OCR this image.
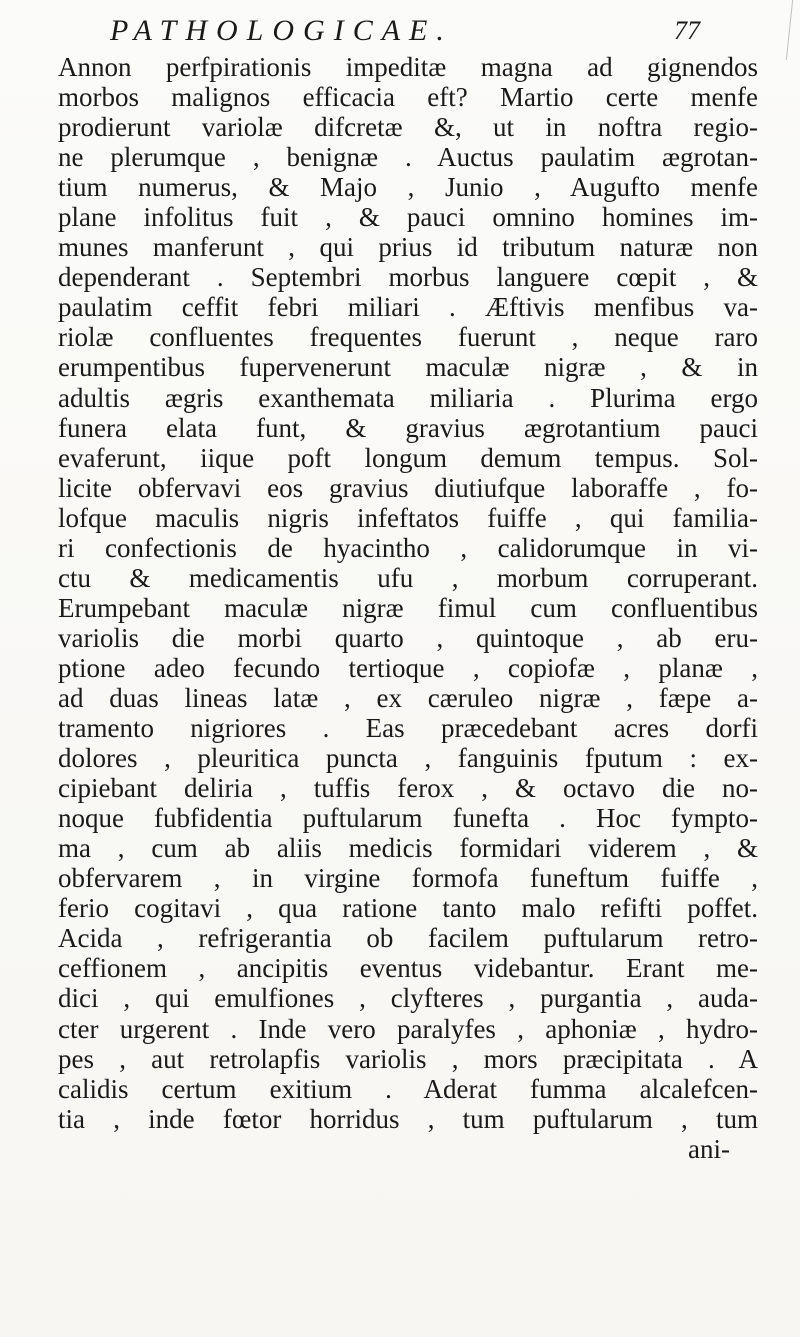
PATHOLOGICAE.	77
Annon perfpirationis impeditæ magna ad gignendos
morbos malignos efficacia eft? Martio certe menfe
prodierunt variolæ difcretæ &, ut in noftra regio-
ne plerumque , benignæ . Auctus paulatim ægrotan-
tium numerus, & Majo , Junio , Augufto menfe
plane infolitus fuit , & pauci omnino homines im-
munes manferunt , qui prius id tributum naturæ non
dependerant . Septembri morbus languere cœpit , &
paulatim ceffit febri miliari . Æftivis menfibus va-
riolæ confluentes frequentes fuerunt , neque raro
erumpentibus fupervenerunt maculæ nigræ , & in
adultis ægris exanthemata miliaria . Plurima ergo
funera elata funt, & gravius ægrotantium pauci
evaferunt, iique poft longum demum tempus. Sol-
licite obfervavi eos gravius diutiufque laboraffe , fo-
lofque maculis nigris infeftatos fuiffe , qui familia-
ri confectionis de hyacintho , calidorumque in vi-
ctu & medicamentis ufu , morbum corruperant.
Erumpebant maculæ nigræ fimul cum confluentibus
variolis die morbi quarto , quintoque , ab eru-
ptione adeo fecundo tertioque , copiofæ , planæ ,
ad duas lineas latæ , ex cæruleo nigræ , fæpe a-
tramento nigriores . Eas præcedebant acres dorfi
dolores , pleuritica puncta , fanguinis fputum : ex-
cipiebant deliria , tuffis ferox , & octavo die no-
noque fubfidentia puftularum funefta . Hoc fympto-
ma , cum ab aliis medicis formidari viderem , &
obfervarem , in virgine formofa funeftum fuiffe ,
ferio cogitavi , qua ratione tanto malo refifti poffet.
Acida , refrigerantia ob facilem puftularum retro-
ceffionem , ancipitis eventus videbantur. Erant me-
dici , qui emulfiones , clyfteres , purgantia , auda-
cter urgerent . Inde vero paralyfes , aphoniæ , hydro-
pes , aut retrolapfis variolis , mors præcipitata . A
calidis certum exitium . Aderat fumma alcalefcen-
tia , inde fœtor horridus , tum puftularum , tum
ani-
